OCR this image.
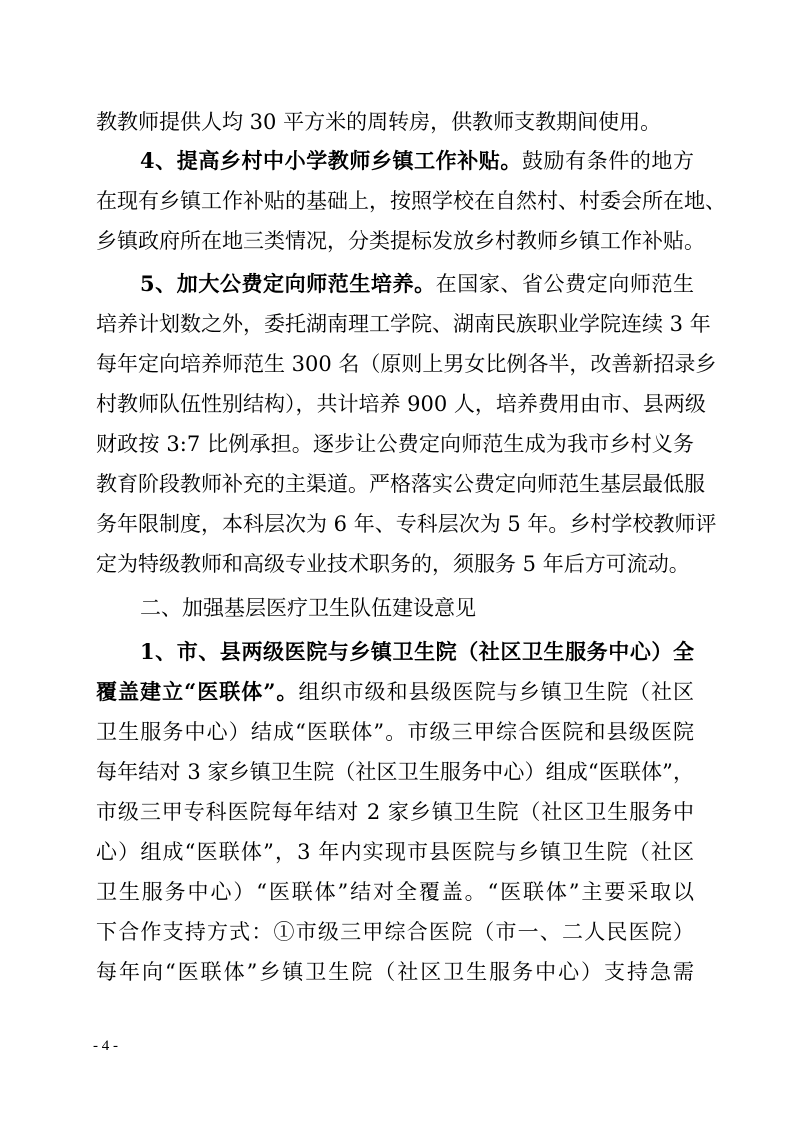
教教师提供人均 30 平方米的周转房，供教师支教期间使用。
4、提高乡村中小学教师乡镇工作补贴。鼓励有条件的地方
在现有乡镇工作补贴的基础上，按照学校在自然村、村委会所在地、
乡镇政府所在地三类情况，分类提标发放乡村教师乡镇工作补贴。
5、加大公费定向师范生培养。在国家、省公费定向师范生
培养计划数之外，委托湖南理工学院、湖南民族职业学院连续 3 年
每年定向培养师范生 300 名（原则上男女比例各半，改善新招录乡
村教师队伍性别结构），共计培养 900 人，培养费用由市、县两级
财政按 3:7 比例承担。逐步让公费定向师范生成为我市乡村义务
教育阶段教师补充的主渠道。严格落实公费定向师范生基层最低服
务年限制度，本科层次为 6 年、专科层次为 5 年。乡村学校教师评
定为特级教师和高级专业技术职务的，须服务 5 年后方可流动。
二、加强基层医疗卫生队伍建设意见
1、市、县两级医院与乡镇卫生院（社区卫生服务中心）全
覆盖建立“医联体”。组织市级和县级医院与乡镇卫生院（社区
卫生服务中心）结成“医联体”。市级三甲综合医院和县级医院
每年结对 3 家乡镇卫生院（社区卫生服务中心）组成“医联体”，
市级三甲专科医院每年结对 2 家乡镇卫生院（社区卫生服务中
心）组成“医联体”，3 年内实现市县医院与乡镇卫生院（社区
卫生服务中心）“医联体”结对全覆盖。“医联体”主要采取以
下合作支持方式：①市级三甲综合医院（市一、二人民医院）
每年向“医联体”乡镇卫生院（社区卫生服务中心）支持急需
- 4 -
